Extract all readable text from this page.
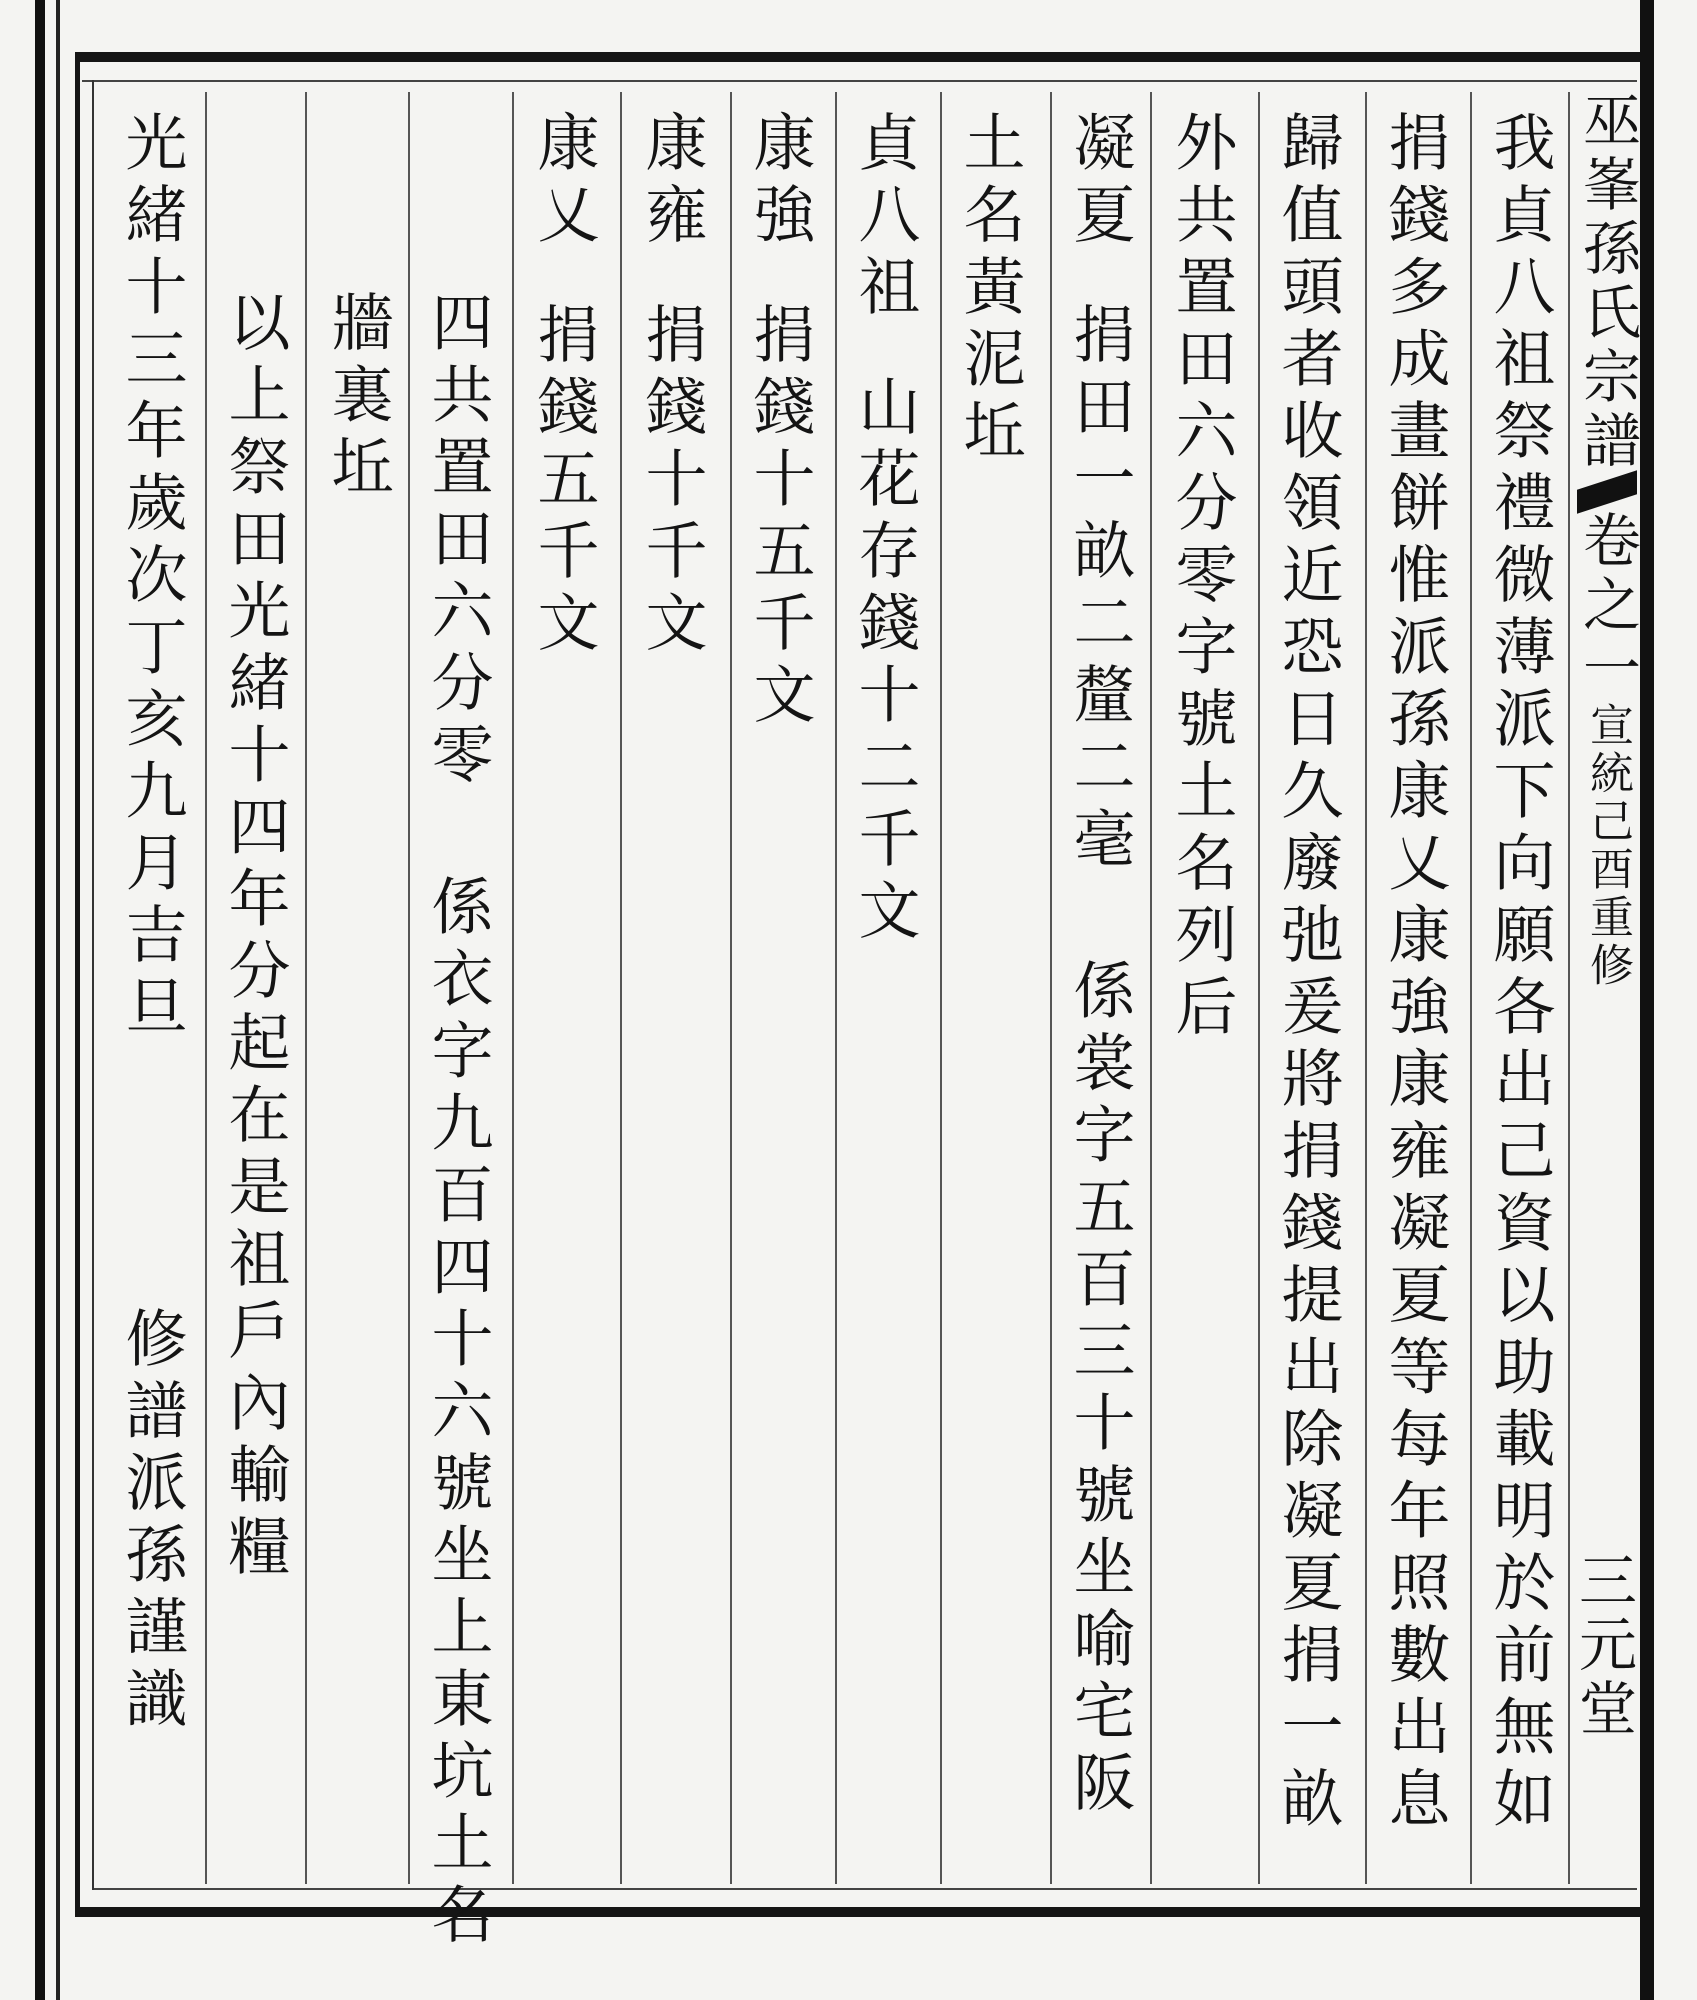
巫峯孫氏宗譜卷之一宣統己酉重修
三元堂
我貞八祖祭禮微薄派下向願各出己資以助載明於前無如
捐錢多成畫餅惟派孫康乂康強康雍凝夏等每年照數出息
歸值頭者收領近恐日久廢弛爰將捐錢提出除凝夏捐一畝
外共置田六分零字號土名列后
凝夏捐田一畝二釐二毫係裳字五百三十號坐喻宅阪
土名黃泥坵
貞八祖山花存錢十二千文
康強捐錢十五千文
康雍捐錢十千文
康乂捐錢五千文
四共置田六分零係衣字九百四十六號坐上東坑土名
牆裏坵
以上祭田光緒十四年分起在是祖戶內輸糧
光緒十三年歲次丁亥九月吉旦修譜派孫謹識
